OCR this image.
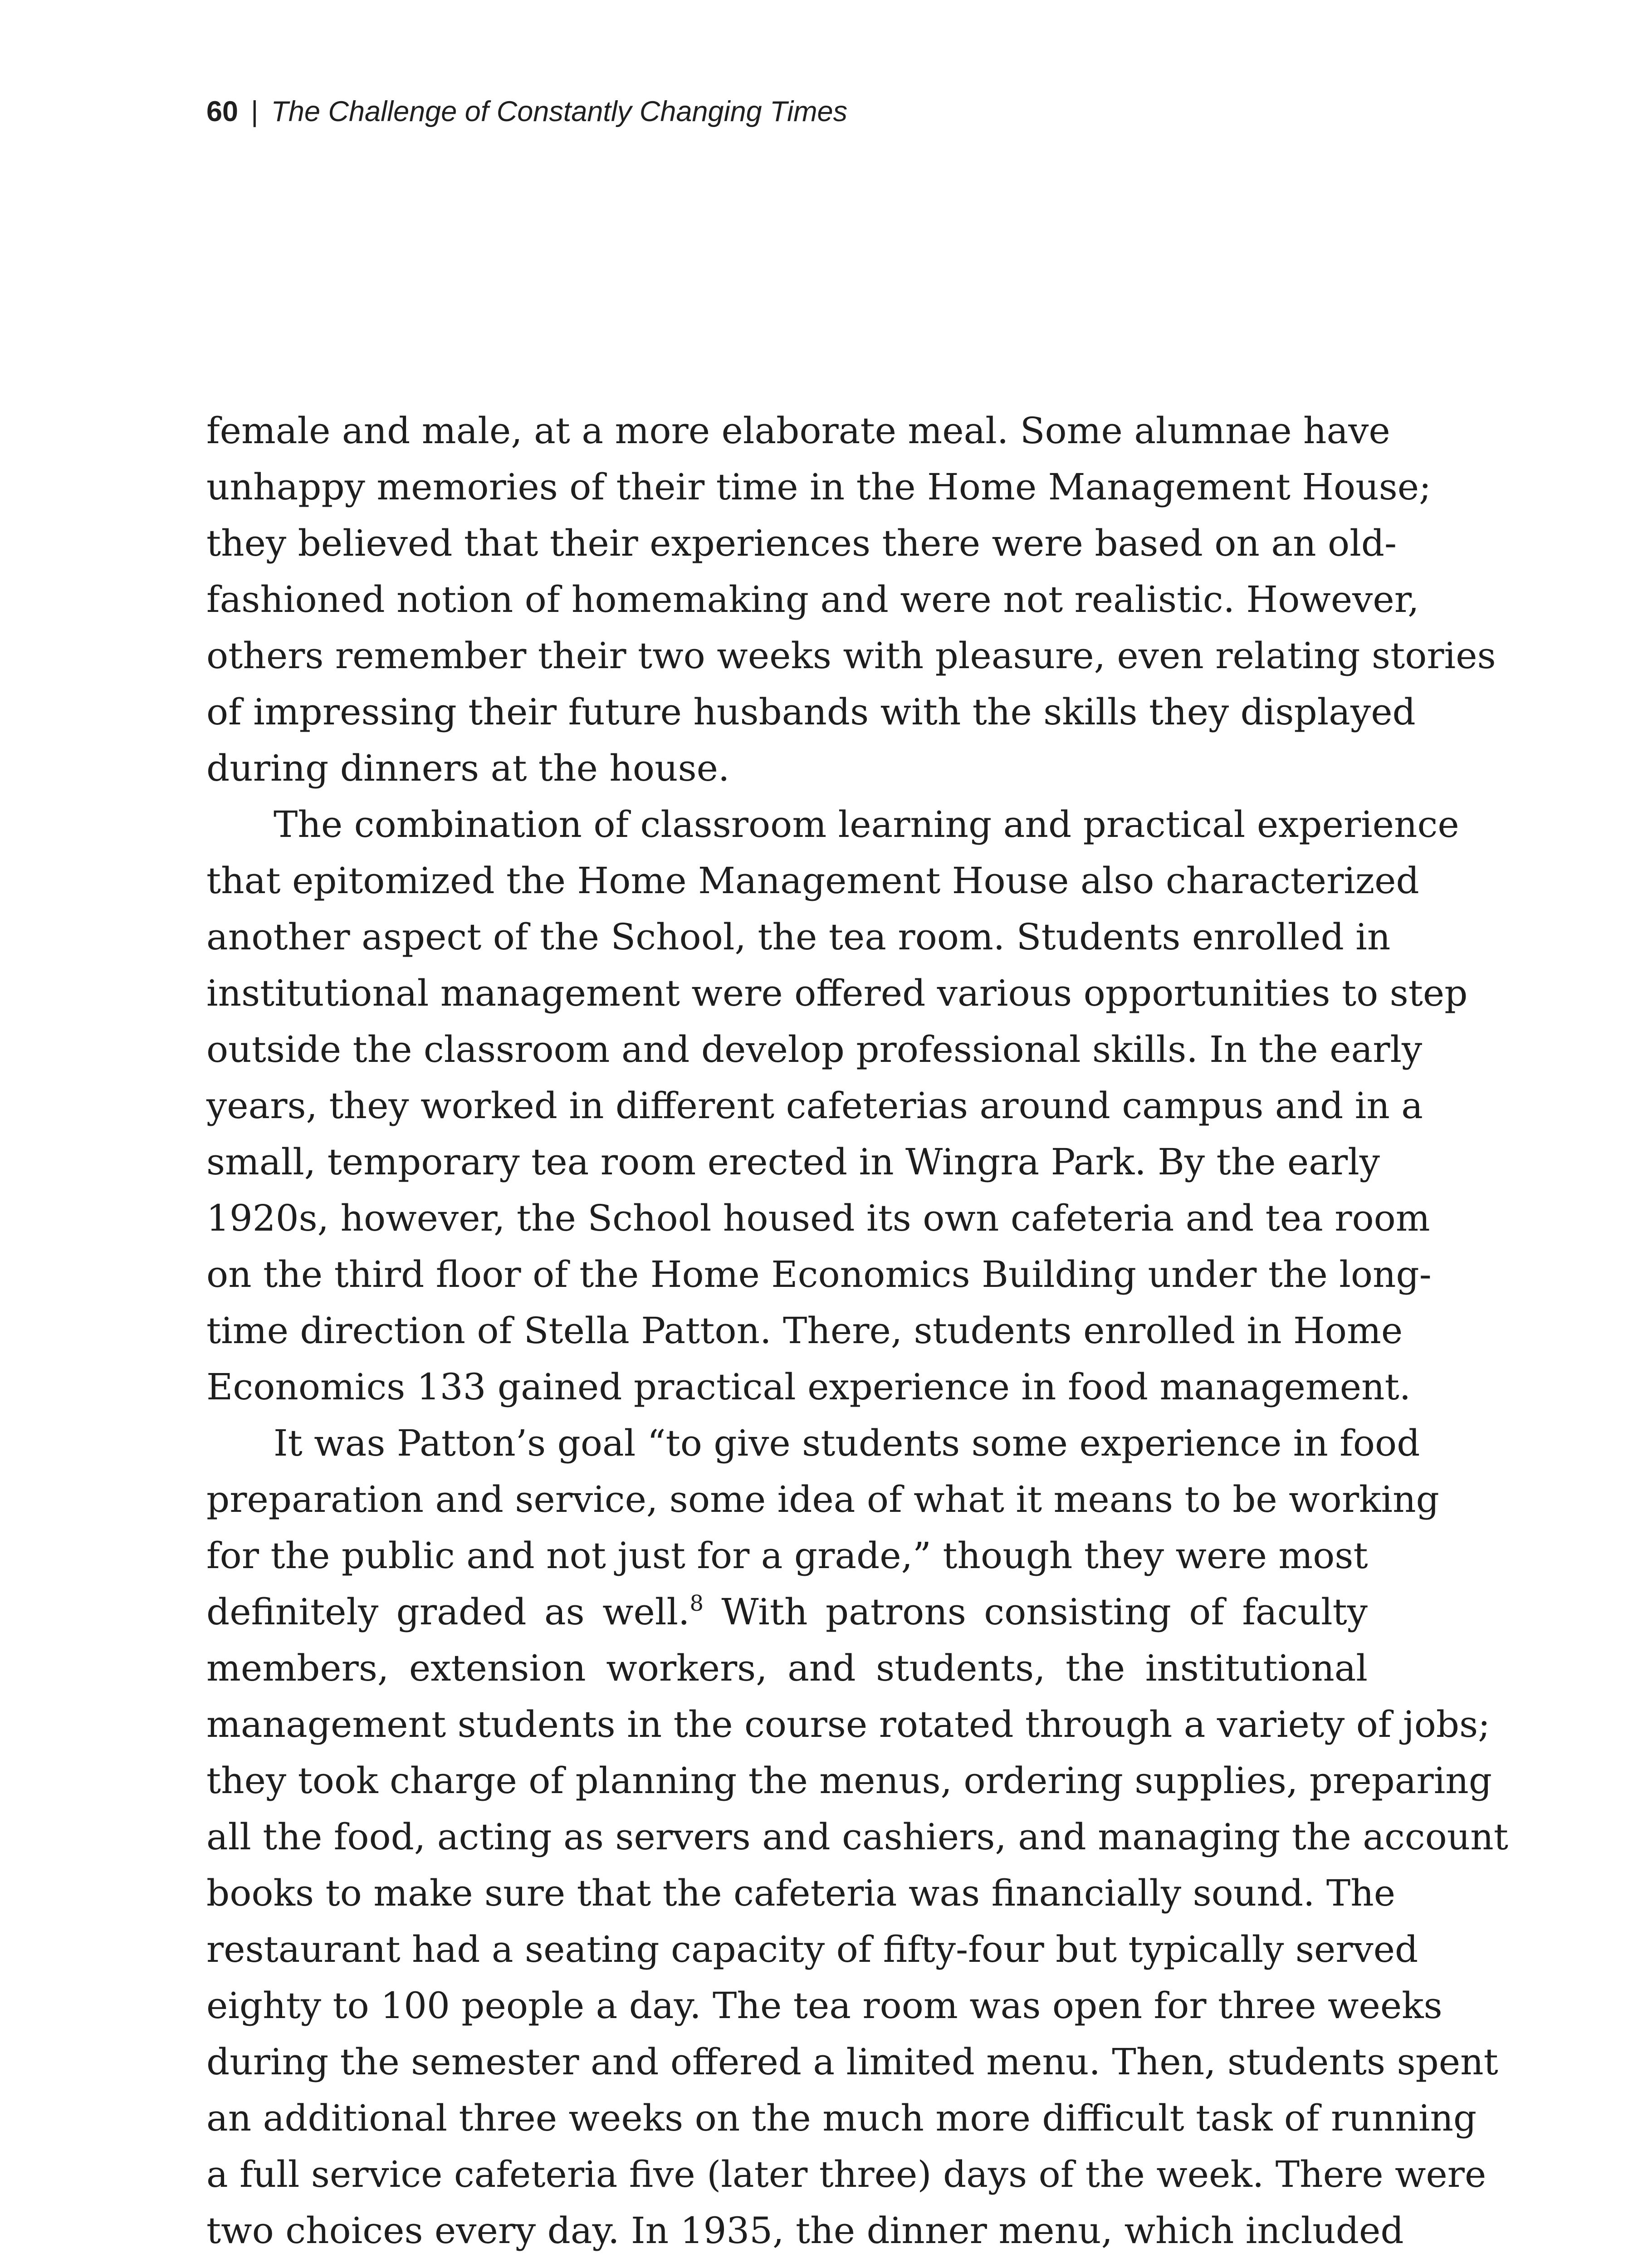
60 | The Challenge of Constantly Changing Times
female and male, at a more elaborate meal. Some alumnae have
unhappy memories of their time in the Home Management House;
they believed that their experiences there were based on an old-
fashioned notion of homemaking and were not realistic. However,
others remember their two weeks with pleasure, even relating stories
of impressing their future husbands with the skills they displayed
during dinners at the house.
The combination of classroom learning and practical experience
that epitomized the Home Management House also characterized
another aspect of the School, the tea room. Students enrolled in
institutional management were offered various opportunities to step
outside the classroom and develop professional skills. In the early
years, they worked in different cafeterias around campus and in a
small, temporary tea room erected in Wingra Park. By the early
1920s, however, the School housed its own cafeteria and tea room
on the third floor of the Home Economics Building under the long-
time direction of Stella Patton. There, students enrolled in Home
Economics 133 gained practical experience in food management.
It was Patton’s goal “to give students some experience in food
preparation and service, some idea of what it means to be working
for the public and not just for a grade,” though they were most
definitely graded as well.$^8$ With patrons consisting of faculty
members, extension workers, and students, the institutional
management students in the course rotated through a variety of jobs;
they took charge of planning the menus, ordering supplies, preparing
all the food, acting as servers and cashiers, and managing the account
books to make sure that the cafeteria was financially sound. The
restaurant had a seating capacity of fifty-four but typically served
eighty to 100 people a day. The tea room was open for three weeks
during the semester and offered a limited menu. Then, students spent
an additional three weeks on the much more difficult task of running
a full service cafeteria five (later three) days of the week. There were
two choices every day. In 1935, the dinner menu, which included
